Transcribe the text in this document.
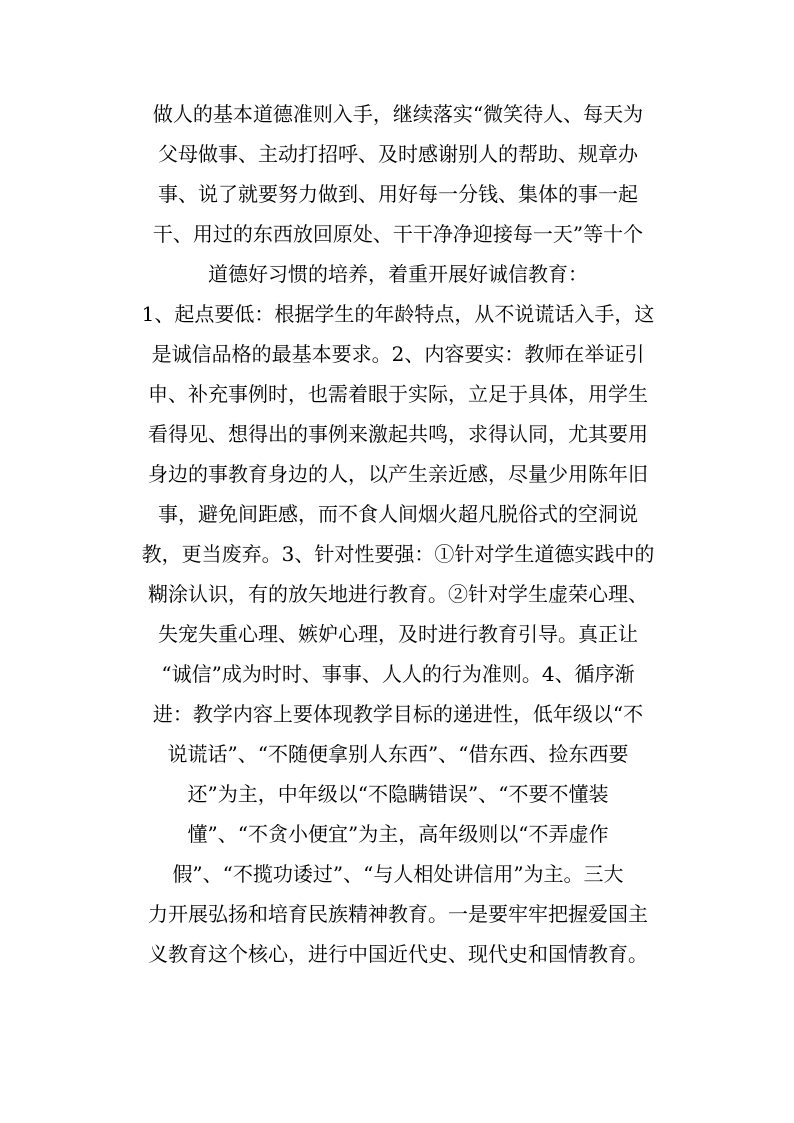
做人的基本道德准则入手，继续落实“微笑待人、每天为
父母做事、主动打招呼、及时感谢别人的帮助、规章办
事、说了就要努力做到、用好每一分钱、集体的事一起
干、用过的东西放回原处、干干净净迎接每一天”等十个
道德好习惯的培养，着重开展好诚信教育：
1、起点要低：根据学生的年龄特点，从不说谎话入手，这
是诚信品格的最基本要求。2、内容要实：教师在举证引
申、补充事例时，也需着眼于实际，立足于具体，用学生
看得见、想得出的事例来激起共鸣，求得认同，尤其要用
身边的事教育身边的人，以产生亲近感，尽量少用陈年旧
事，避免间距感，而不食人间烟火超凡脱俗式的空洞说
教，更当废弃。3、针对性要强：①针对学生道德实践中的
糊涂认识，有的放矢地进行教育。②针对学生虚荣心理、
失宠失重心理、嫉妒心理，及时进行教育引导。真正让
“诚信”成为时时、事事、人人的行为准则。4、循序渐
进：教学内容上要体现教学目标的递进性，低年级以“不
说谎话”、“不随便拿别人东西”、“借东西、捡东西要
还”为主，中年级以“不隐瞒错误”、“不要不懂装
懂”、“不贪小便宜”为主，高年级则以“不弄虚作
假”、“不揽功诿过”、“与人相处讲信用”为主。三大
力开展弘扬和培育民族精神教育。一是要牢牢把握爱国主
义教育这个核心，进行中国近代史、现代史和国情教育。
